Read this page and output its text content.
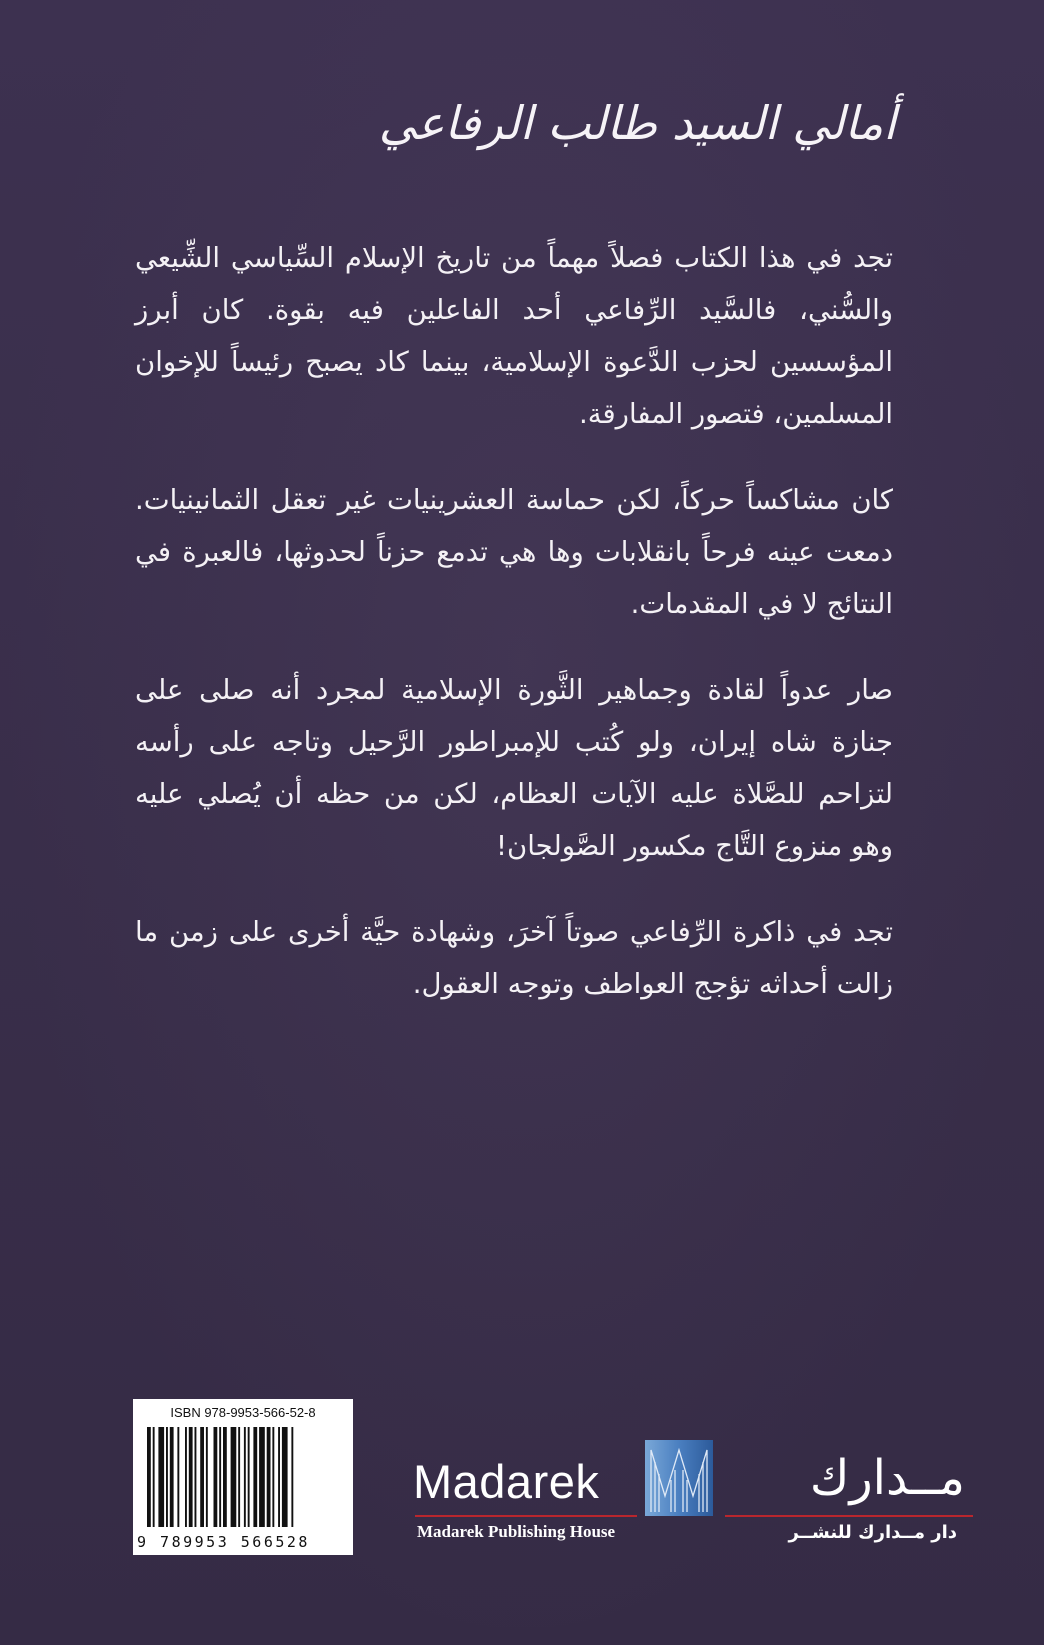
أمالي السيد طالب الرفاعي

تجد في هذا الكتاب فصلاً مهماً من تاريخ الإسلام السِّياسي الشِّيعي والسُّني، فالسَّيد الرِّفاعي أحد الفاعلين فيه بقوة. كان أبرز المؤسسين لحزب الدَّعوة الإسلامية، بينما كاد يصبح رئيساً للإخوان المسلمين، فتصور المفارقة.

كان مشاكساً حركاً، لكن حماسة العشرينيات غير تعقل الثمانينيات. دمعت عينه فرحاً بانقلابات وها هي تدمع حزناً لحدوثها، فالعبرة في النتائج لا في المقدمات.

صار عدواً لقادة وجماهير الثَّورة الإسلامية لمجرد أنه صلى على جنازة شاه إيران، ولو كُتب للإمبراطور الرَّحيل وتاجه على رأسه لتزاحم للصَّلاة عليه الآيات العظام، لكن من حظه أن يُصلي عليه وهو منزوع التَّاج مكسور الصَّولجان!

تجد في ذاكرة الرِّفاعي صوتاً آخرَ، وشهادة حيَّة أخرى على زمن ما زالت أحداثه تؤجج العواطف وتوجه العقول.

ISBN 978-9953-566-52-8
9 789953 566528
Madarek
Madarek Publishing House
مــدارك
دار مــدارك للنشــر
